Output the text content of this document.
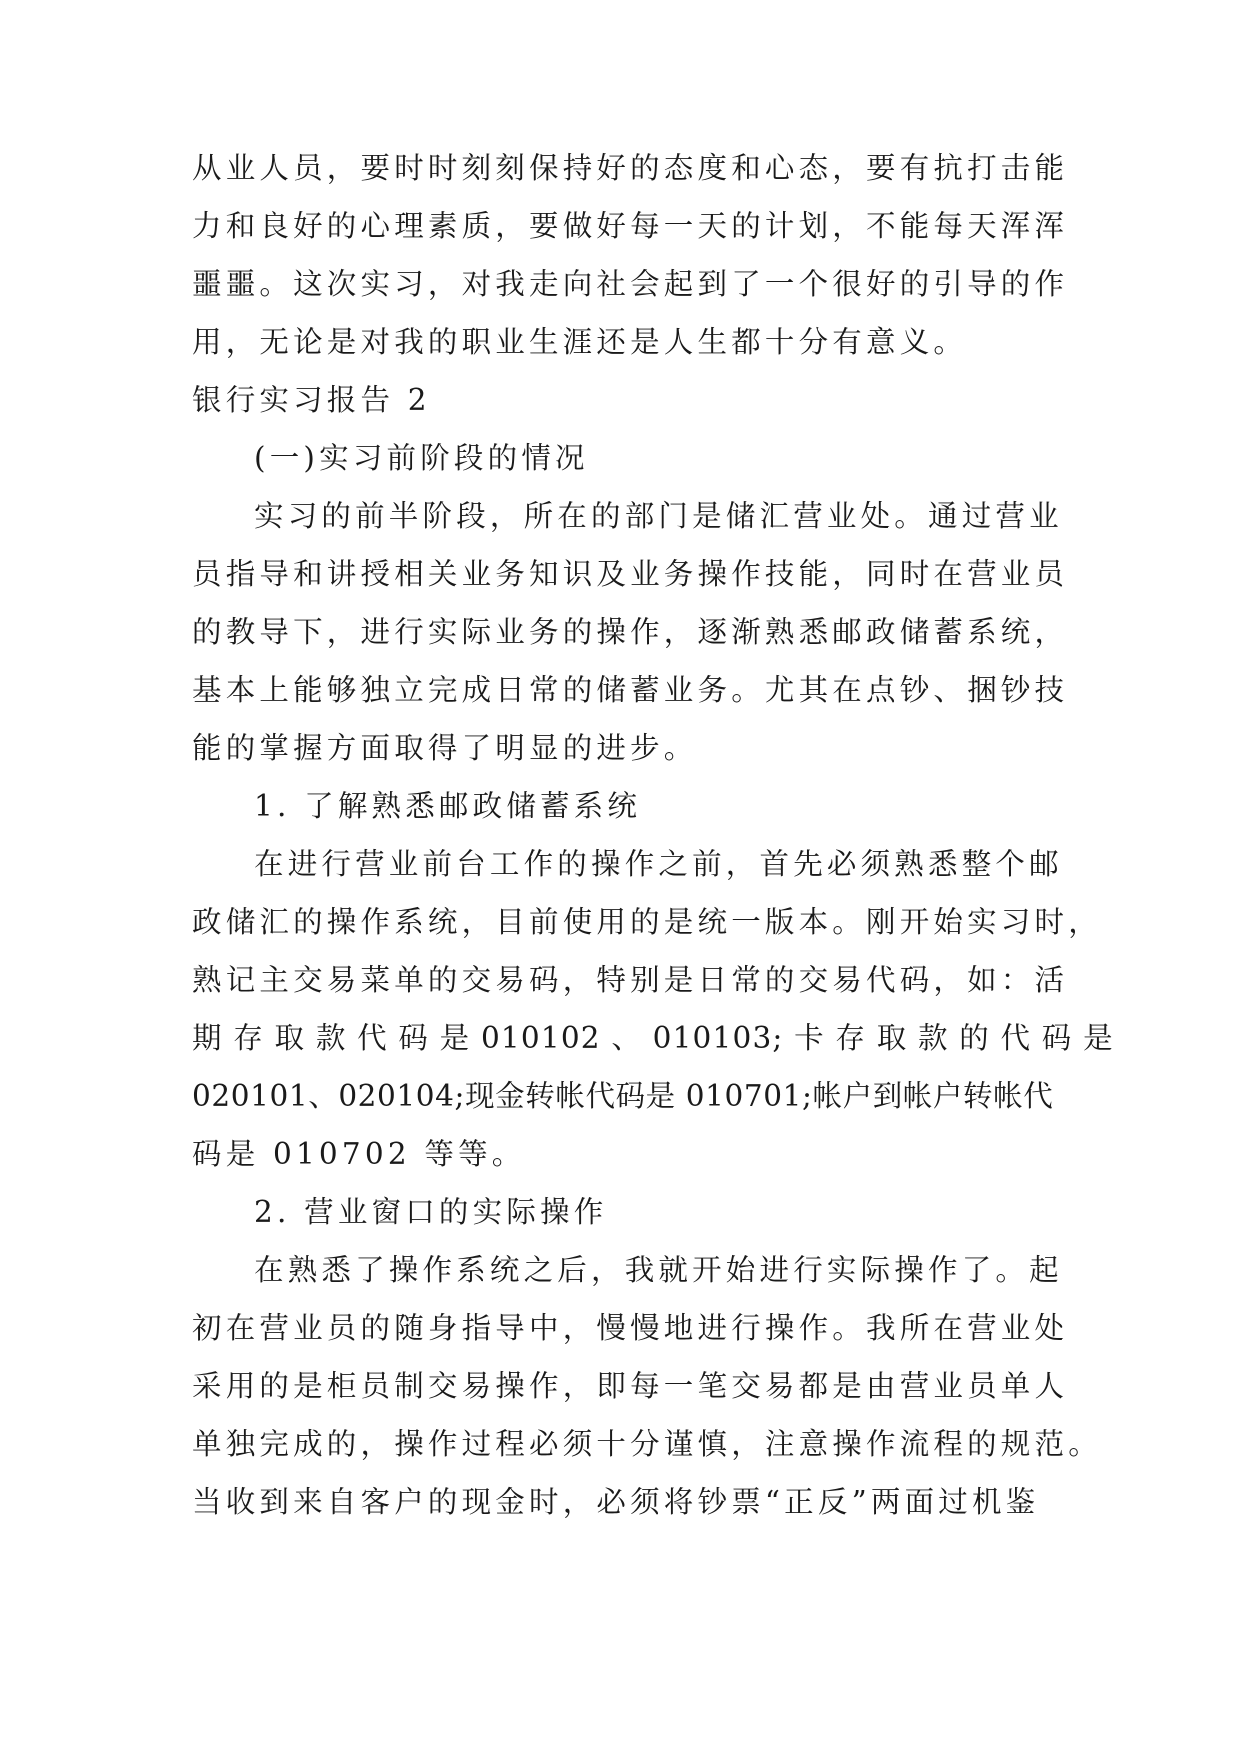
从业人员，要时时刻刻保持好的态度和心态，要有抗打击能
力和良好的心理素质，要做好每一天的计划，不能每天浑浑
噩噩。这次实习，对我走向社会起到了一个很好的引导的作
用，无论是对我的职业生涯还是人生都十分有意义。
银行实习报告 2
(一)实习前阶段的情况
实习的前半阶段，所在的部门是储汇营业处。通过营业
员指导和讲授相关业务知识及业务操作技能，同时在营业员
的教导下，进行实际业务的操作，逐渐熟悉邮政储蓄系统，
基本上能够独立完成日常的储蓄业务。尤其在点钞、捆钞技
能的掌握方面取得了明显的进步。
1. 了解熟悉邮政储蓄系统
在进行营业前台工作的操作之前，首先必须熟悉整个邮
政储汇的操作系统，目前使用的是统一版本。刚开始实习时，
熟记主交易菜单的交易码，特别是日常的交易代码，如：活
期 存 取 款 代 码 是 010102 、 010103; 卡 存 取 款 的 代 码 是
020101、020104;现金转帐代码是 010701;帐户到帐户转帐代
码是 010702 等等。
2. 营业窗口的实际操作
在熟悉了操作系统之后，我就开始进行实际操作了。起
初在营业员的随身指导中，慢慢地进行操作。我所在营业处
采用的是柜员制交易操作，即每一笔交易都是由营业员单人
单独完成的，操作过程必须十分谨慎，注意操作流程的规范。
当收到来自客户的现金时，必须将钞票“正反”两面过机鉴
